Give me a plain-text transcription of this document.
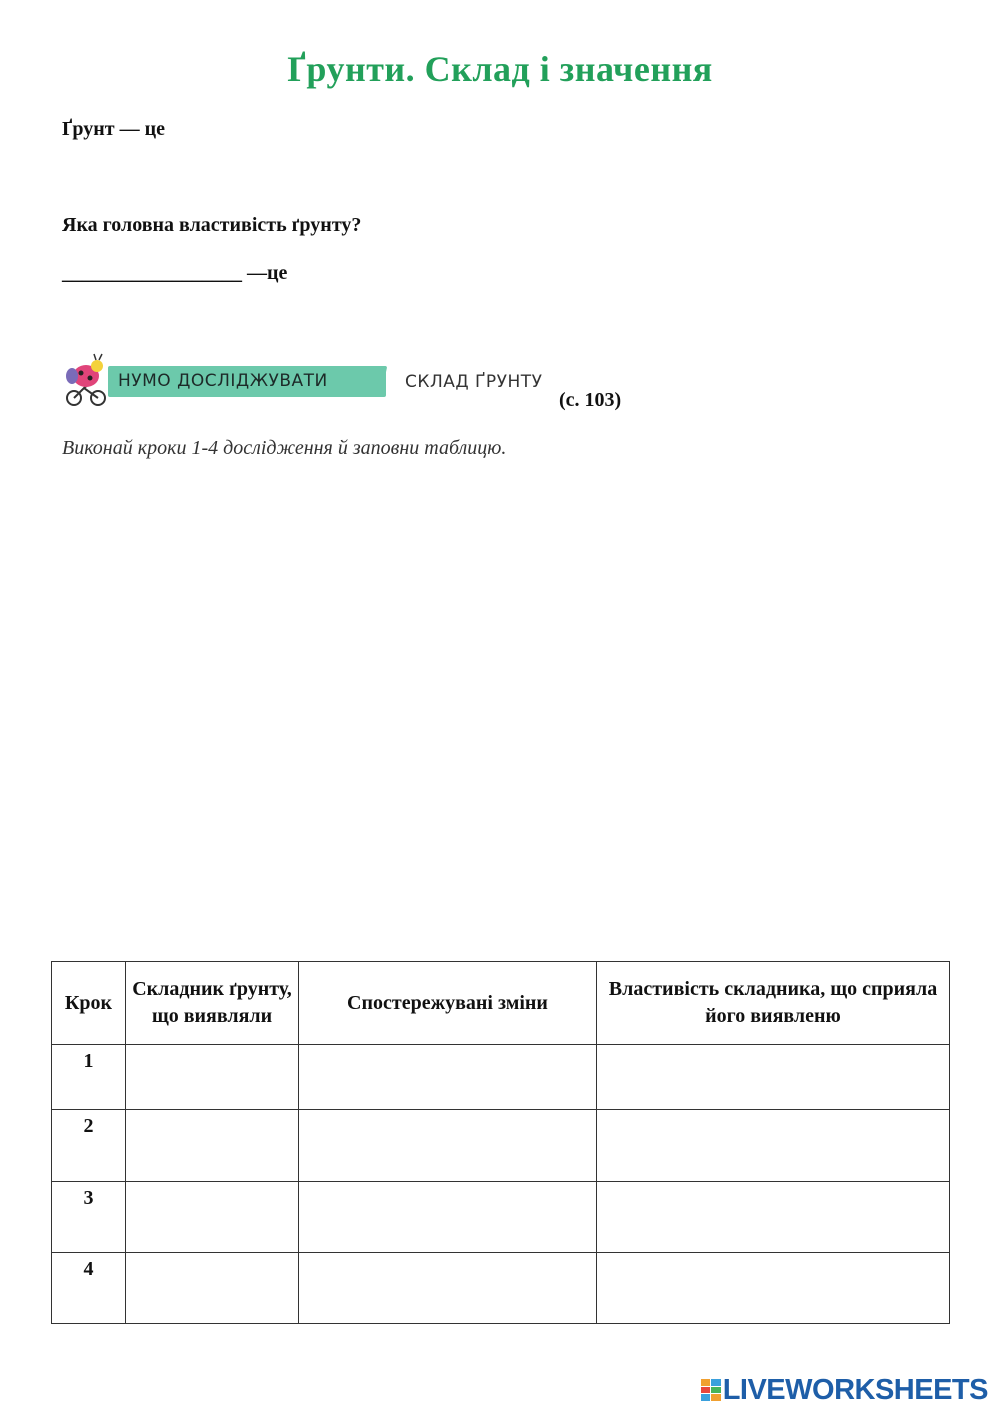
Ґрунти. Склад і значення
Ґрунт — це
Яка головна властивість ґрунту?
__________________ —це
НУМО ДОСЛІДЖУВАТИ	СКЛАД ҐРУНТУ
(с. 103)
Виконай кроки 1-4 дослідження й заповни таблицю.
Крок	Складник ґрунту, що виявляли	Спостережувані зміни	Властивість складника, що сприяла його виявленю
1			
2			
3			
4			
LIVEWORKSHEETS
